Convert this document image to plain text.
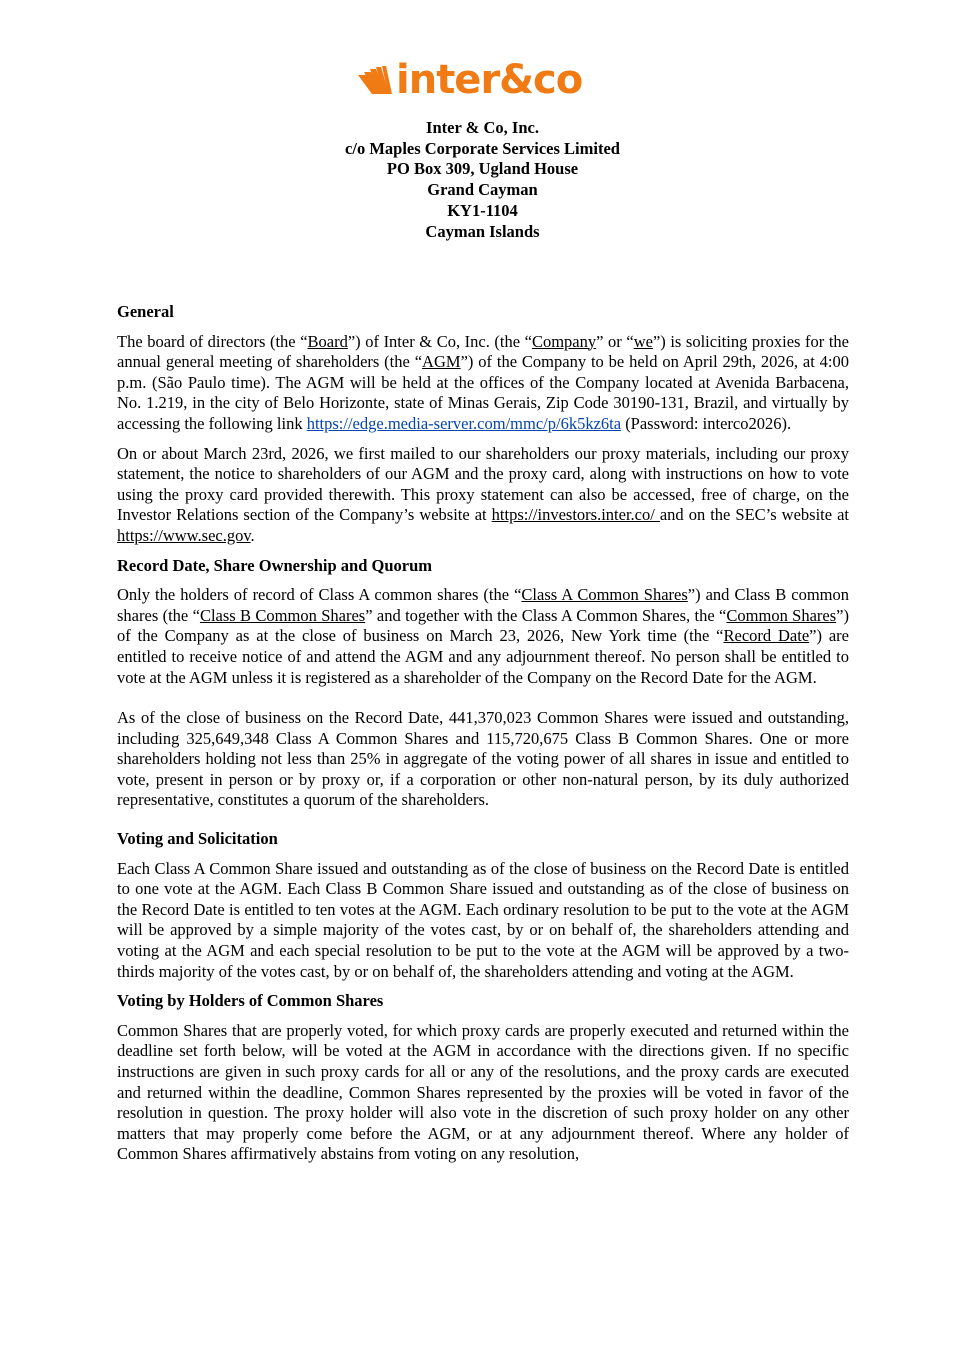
inter&co
Inter & Co, Inc.
c/o Maples Corporate Services Limited
PO Box 309, Ugland House
Grand Cayman
KY1-1104
Cayman Islands
General

The board of directors (the “Board”) of Inter & Co, Inc. (the “Company” or “we”) is soliciting proxies for the annual general meeting of shareholders (the “AGM”) of the Company to be held on April 29th, 2026, at 4:00 p.m. (São Paulo time). The AGM will be held at the offices of the Company located at Avenida Barbacena, No. 1.219, in the city of Belo Horizonte, state of Minas Gerais, Zip Code 30190-131, Brazil, and virtually by accessing the following link https://edge.media-server.com/mmc/p/6k5kz6ta (Password: interco2026).

On or about March 23rd, 2026, we first mailed to our shareholders our proxy materials, including our proxy statement, the notice to shareholders of our AGM and the proxy card, along with instructions on how to vote using the proxy card provided therewith. This proxy statement can also be accessed, free of charge, on the Investor Relations section of the Company’s website at https://investors.inter.co/ and on the SEC’s website at https://www.sec.gov.

Record Date, Share Ownership and Quorum

Only the holders of record of Class A common shares (the “Class A Common Shares”) and Class B common shares (the “Class B Common Shares” and together with the Class A Common Shares, the “Common Shares”) of the Company as at the close of business on March 23, 2026, New York time (the “Record Date”) are entitled to receive notice of and attend the AGM and any adjournment thereof. No person shall be entitled to vote at the AGM unless it is registered as a shareholder of the Company on the Record Date for the AGM.

As of the close of business on the Record Date, 441,370,023 Common Shares were issued and outstanding, including 325,649,348 Class A Common Shares and 115,720,675 Class B Common Shares. One or more shareholders holding not less than 25% in aggregate of the voting power of all shares in issue and entitled to vote, present in person or by proxy or, if a corporation or other non-natural person, by its duly authorized representative, constitutes a quorum of the shareholders.

Voting and Solicitation

Each Class A Common Share issued and outstanding as of the close of business on the Record Date is entitled to one vote at the AGM. Each Class B Common Share issued and outstanding as of the close of business on the Record Date is entitled to ten votes at the AGM. Each ordinary resolution to be put to the vote at the AGM will be approved by a simple majority of the votes cast, by or on behalf of, the shareholders attending and voting at the AGM and each special resolution to be put to the vote at the AGM will be approved by a two-thirds majority of the votes cast, by or on behalf of, the shareholders attending and voting at the AGM.

Voting by Holders of Common Shares

Common Shares that are properly voted, for which proxy cards are properly executed and returned within the deadline set forth below, will be voted at the AGM in accordance with the directions given. If no specific instructions are given in such proxy cards for all or any of the resolutions, and the proxy cards are executed and returned within the deadline, Common Shares represented by the proxies will be voted in favor of the resolution in question. The proxy holder will also vote in the discretion of such proxy holder on any other matters that may properly come before the AGM, or at any adjournment thereof. Where any holder of Common Shares affirmatively abstains from voting on any resolution,
